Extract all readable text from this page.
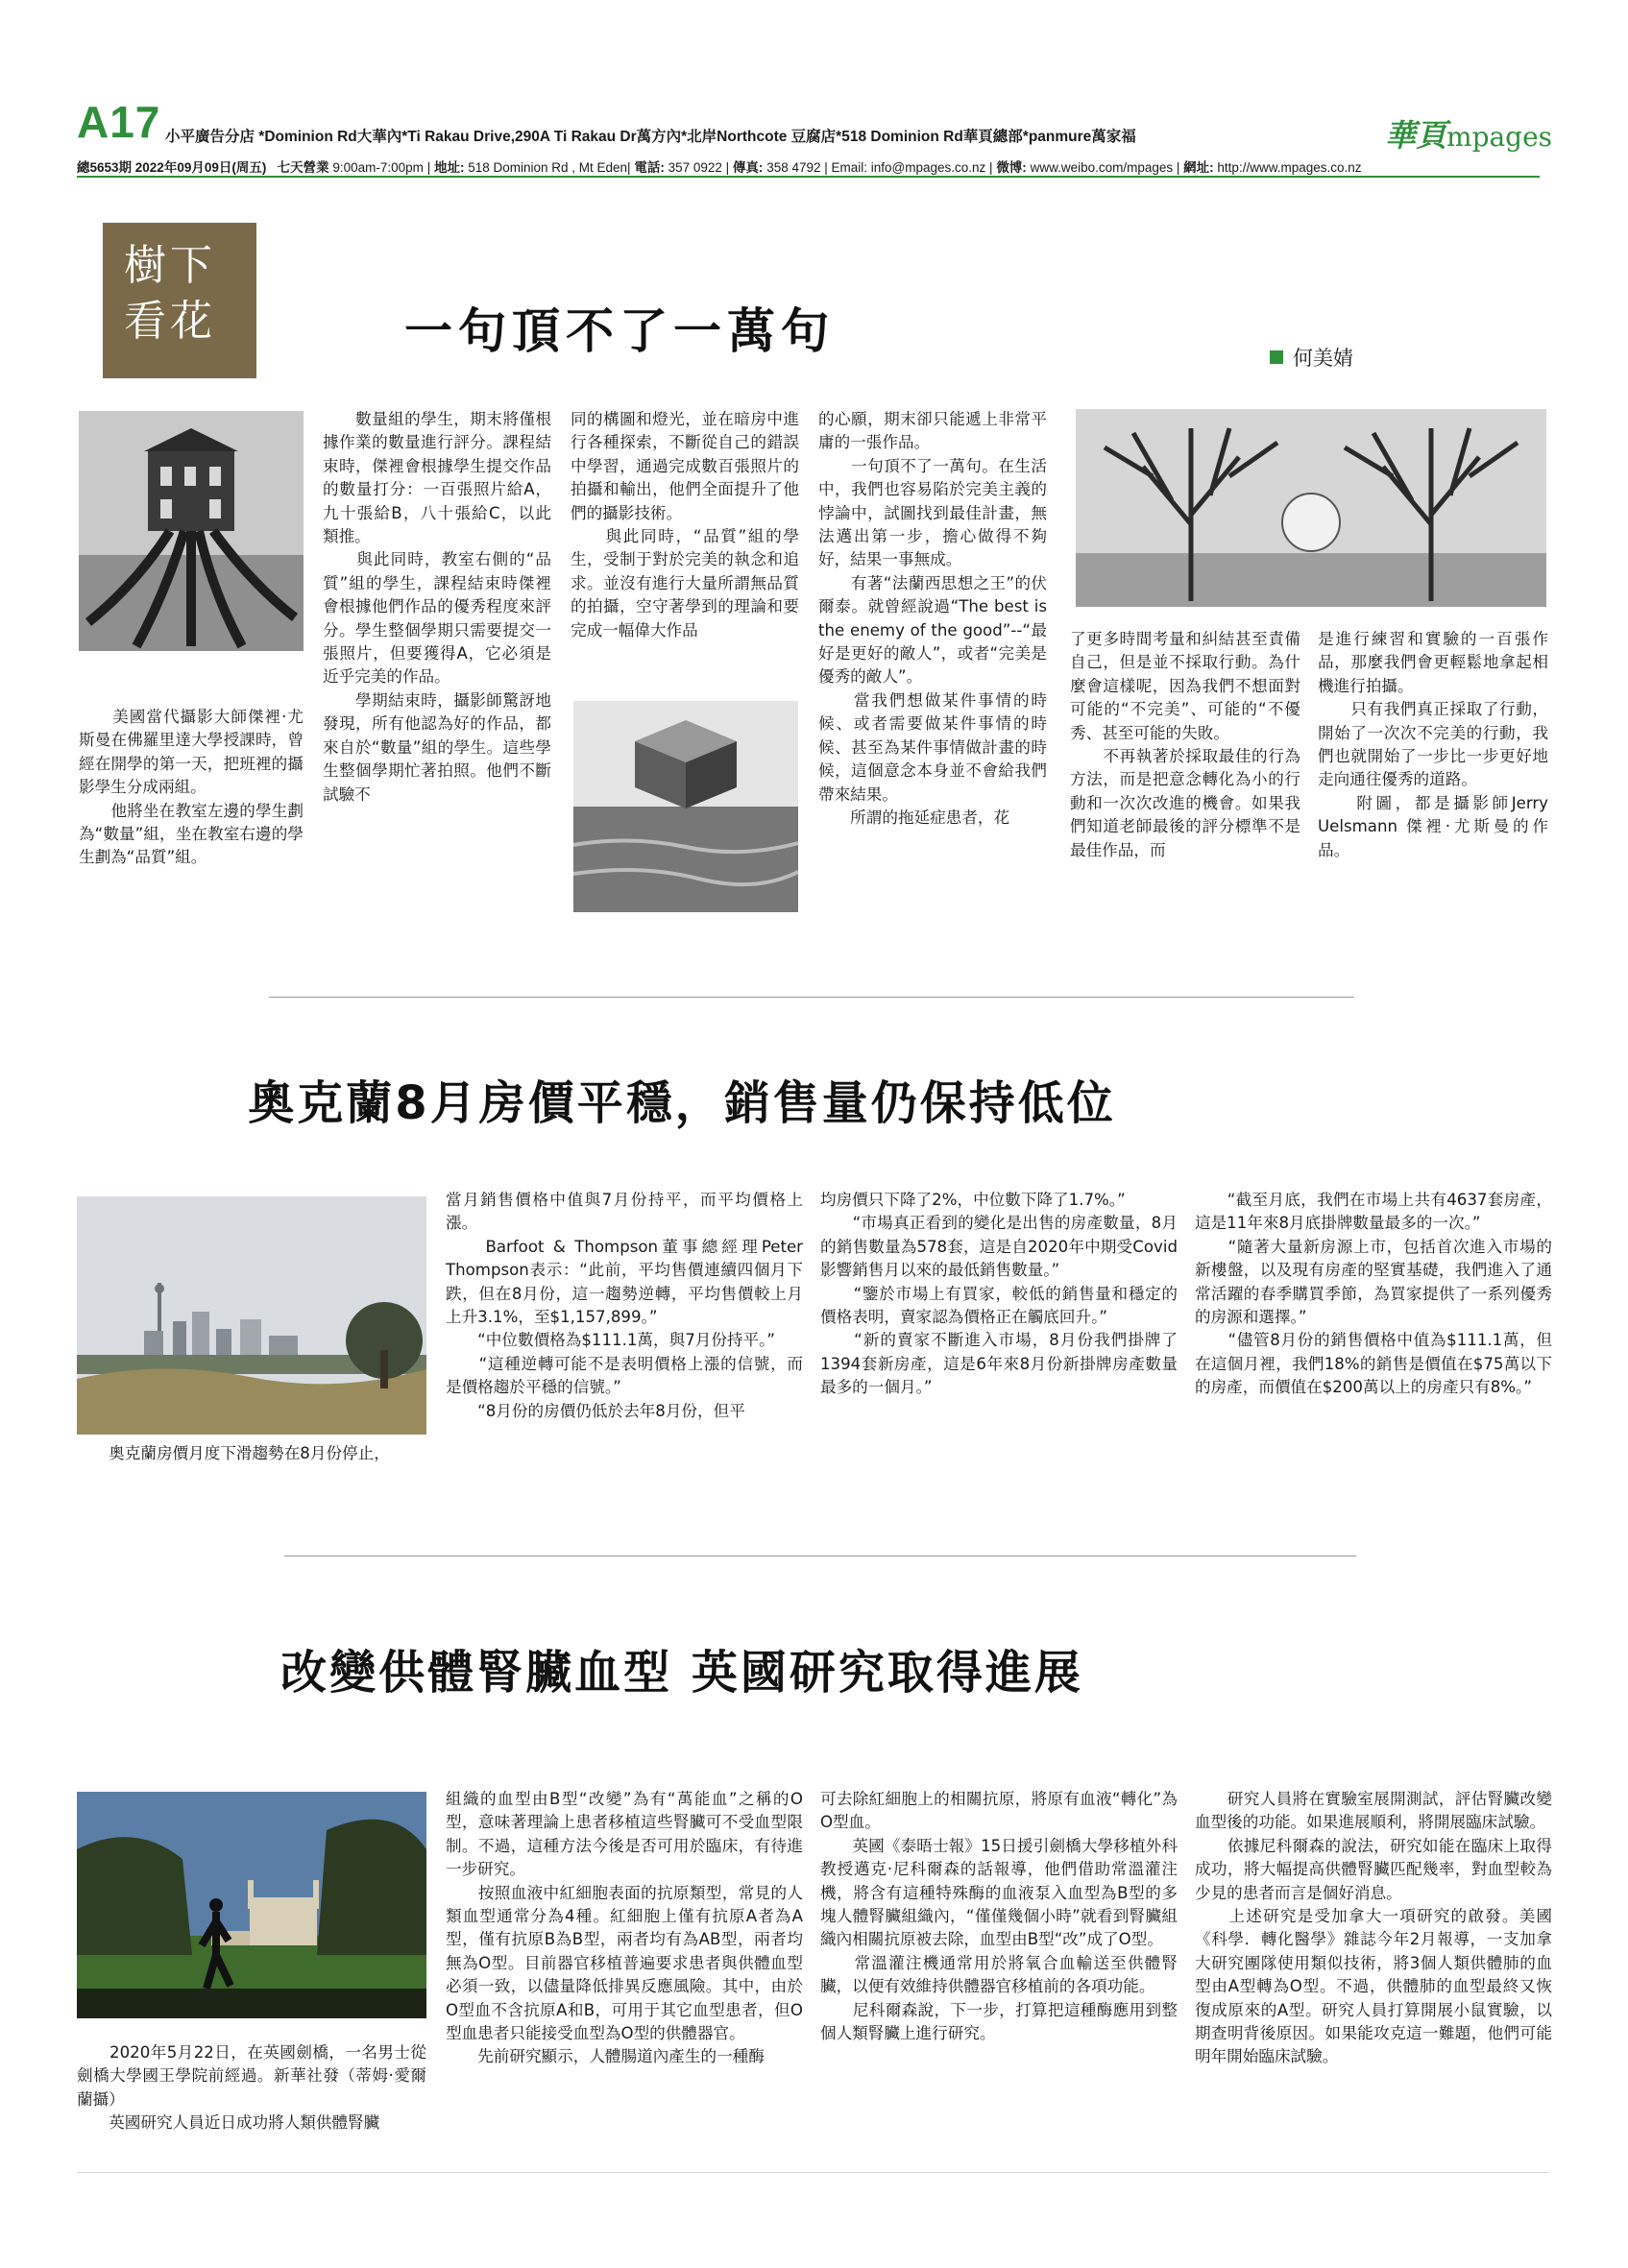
A17 小平廣告分店 *Dominion Rd大華內*Ti Rakau Drive,290A Ti Rakau Dr萬方內*北岸Northcote 豆腐店*518 Dominion Rd華頁總部*panmure萬家福	華頁mpages
總5653期 2022年09月09日(周五) 七天營業 9:00am-7:00pm | 地址: 518 Dominion Rd , Mt Eden| 電話: 357 0922 | 傳真: 358 4792 | Email: info@mpages.co.nz | 微博: www.weibo.com/mpages | 網址: http://www.mpages.co.nz
樹下
看花	一句頂不了一萬句	何美婧
　　美國當代攝影大師傑裡·尤斯曼在佛羅里達大學授課時，曾經在開學的第一天，把班裡的攝影學生分成兩組。
　　他將坐在教室左邊的學生劃為“數量”組，坐在教室右邊的學生劃為“品質”組。
　　數量組的學生，期末將僅根據作業的數量進行評分。課程結束時，傑裡會根據學生提交作品的數量打分：一百張照片給A，九十張給B，八十張給C，以此類推。
　　與此同時，教室右側的“品質”組的學生，課程結束時傑裡會根據他們作品的優秀程度來評分。學生整個學期只需要提交一張照片，但要獲得A，它必須是近乎完美的作品。
　　學期結束時，攝影師驚訝地發現，所有他認為好的作品，都來自於“數量”組的學生。這些學生整個學期忙著拍照。他們不斷試驗不
同的構圖和燈光，並在暗房中進行各種探索，不斷從自己的錯誤中學習，通過完成數百張照片的拍攝和輸出，他們全面提升了他們的攝影技術。
　　與此同時，“品質”組的學生，受制于對於完美的執念和追求。並沒有進行大量所謂無品質的拍攝，空守著學到的理論和要完成一幅偉大作品
的心願，期末卻只能遞上非常平庸的一張作品。
　　一句頂不了一萬句。在生活中，我們也容易陷於完美主義的悖論中，試圖找到最佳計畫，無法邁出第一步，擔心做得不夠好，結果一事無成。
　　有著“法蘭西思想之王”的伏爾泰。就曾經說過“The best is the enemy of the good”--“最好是更好的敵人”，或者“完美是優秀的敵人”。
　　當我們想做某件事情的時候、或者需要做某件事情的時候、甚至為某件事情做計畫的時候，這個意念本身並不會給我們帶來結果。
　　所謂的拖延症患者，花
了更多時間考量和糾結甚至責備自己，但是並不採取行動。為什麼會這樣呢，因為我們不想面對可能的“不完美”、可能的“不優秀、甚至可能的失敗。
　　不再執著於採取最佳的行為方法，而是把意念轉化為小的行動和一次次改進的機會。如果我們知道老師最後的評分標準不是最佳作品，而
是進行練習和實驗的一百張作品，那麼我們會更輕鬆地拿起相機進行拍攝。
　　只有我們真正採取了行動，開始了一次次不完美的行動，我們也就開始了一步比一步更好地走向通往優秀的道路。
　　附圖，都是攝影師Jerry Uelsmann 傑裡·尤斯曼的作品。
奧克蘭8月房價平穩，銷售量仍保持低位
　　奧克蘭房價月度下滑趨勢在8月份停止，
當月銷售價格中值與7月份持平，而平均價格上漲。
　　Barfoot & Thompson董事總經理Peter Thompson表示：“此前，平均售價連續四個月下跌，但在8月份，這一趨勢逆轉，平均售價較上月上升3.1%，至$1,157,899。”
　　“中位數價格為$111.1萬，與7月份持平。”
　　“這種逆轉可能不是表明價格上漲的信號，而是價格趨於平穩的信號。”
　　“8月份的房價仍低於去年8月份，但平
均房價只下降了2%，中位數下降了1.7%。”
　　“市場真正看到的變化是出售的房產數量，8月的銷售數量為578套，這是自2020年中期受Covid影響銷售月以來的最低銷售數量。”
　　“鑒於市場上有買家，較低的銷售量和穩定的價格表明，賣家認為價格正在觸底回升。”
　　“新的賣家不斷進入市場，8月份我們掛牌了1394套新房產，這是6年來8月份新掛牌房產數量最多的一個月。”
　　“截至月底，我們在市場上共有4637套房產，這是11年來8月底掛牌數量最多的一次。”
　　“隨著大量新房源上市，包括首次進入市場的新樓盤，以及現有房產的堅實基礎，我們進入了通常活躍的春季購買季節，為買家提供了一系列優秀的房源和選擇。”
　　“儘管8月份的銷售價格中值為$111.1萬，但在這個月裡，我們18%的銷售是價值在$75萬以下的房產，而價值在$200萬以上的房產只有8%。”
改變供體腎臟血型 英國研究取得進展
　　2020年5月22日，在英國劍橋，一名男士從劍橋大學國王學院前經過。新華社發（蒂姆·愛爾蘭攝）
　　英國研究人員近日成功將人類供體腎臟
組織的血型由B型“改變”為有“萬能血”之稱的O型，意味著理論上患者移植這些腎臟可不受血型限制。不過，這種方法今後是否可用於臨床，有待進一步研究。
　　按照血液中紅細胞表面的抗原類型，常見的人類血型通常分為4種。紅細胞上僅有抗原A者為A型，僅有抗原B為B型，兩者均有為AB型，兩者均無為O型。目前器官移植普遍要求患者與供體血型必須一致，以儘量降低排異反應風險。其中，由於O型血不含抗原A和B，可用于其它血型患者，但O型血患者只能接受血型為O型的供體器官。
　　先前研究顯示，人體腸道內產生的一種酶
可去除紅細胞上的相關抗原，將原有血液“轉化”為O型血。
　　英國《泰晤士報》15日援引劍橋大學移植外科教授邁克·尼科爾森的話報導，他們借助常溫灌注機，將含有這種特殊酶的血液泵入血型為B型的多塊人體腎臟組織內，“僅僅幾個小時”就看到腎臟組織內相關抗原被去除，血型由B型“改”成了O型。
　　常溫灌注機通常用於將氧合血輸送至供體腎臟，以便有效維持供體器官移植前的各項功能。
　　尼科爾森說，下一步，打算把這種酶應用到整個人類腎臟上進行研究。
　　研究人員將在實驗室展開測試，評估腎臟改變血型後的功能。如果進展順利，將開展臨床試驗。
　　依據尼科爾森的說法，研究如能在臨床上取得成功，將大幅提高供體腎臟匹配幾率，對血型較為少見的患者而言是個好消息。
　　上述研究是受加拿大一項研究的啟發。美國《科學．轉化醫學》雜誌今年2月報導，一支加拿大研究團隊使用類似技術，將3個人類供體肺的血型由A型轉為O型。不過，供體肺的血型最終又恢復成原來的A型。研究人員打算開展小鼠實驗，以期查明背後原因。如果能攻克這一難題，他們可能明年開始臨床試驗。
